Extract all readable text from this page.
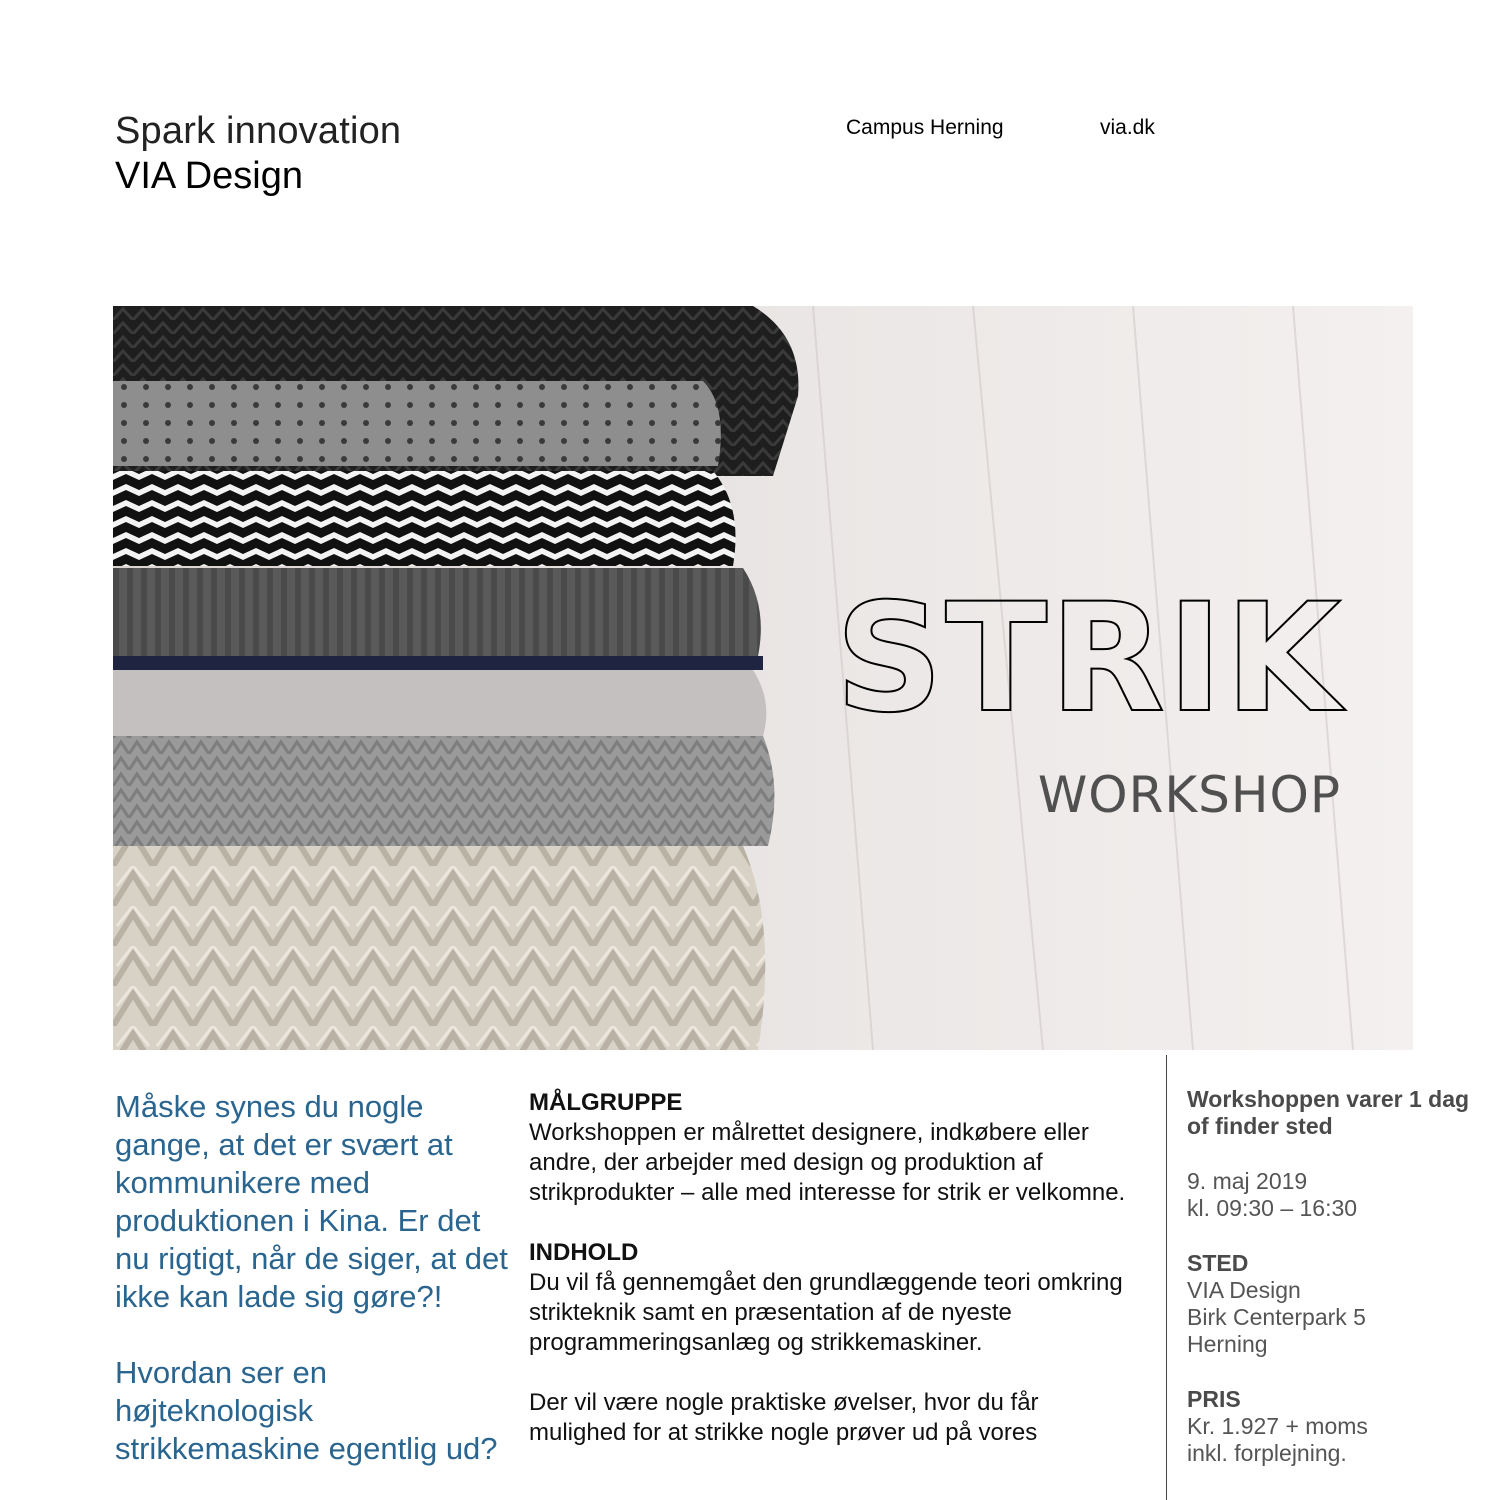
Spark innovation
VIA Design
Campus Herning	via.dk
STRIK
WORKSHOP

Måske synes du nogle gange, at det er svært at kommunikere med produktionen i Kina. Er det nu rigtigt, når de siger, at det ikke kan lade sig gøre?!

Hvordan ser en højteknologisk strikkemaskine egentlig ud?

MÅLGRUPPE

Workshoppen er målrettet designere, indkøbere eller andre, der arbejder med design og produktion af strikprodukter – alle med interesse for strik er velkomne.

INDHOLD

Du vil få gennemgået den grundlæggende teori omkring strikteknik samt en præsentation af de nyeste programmeringsanlæg og strikkemaskiner.

Der vil være nogle praktiske øvelser, hvor du får mulighed for at strikke nogle prøver ud på vores

Workshoppen varer 1 dag of finder sted

9. maj 2019

kl. 09:30 – 16:30

STED

VIA Design

Birk Centerpark 5

Herning

PRIS

Kr. 1.927 + moms

inkl. forplejning.
